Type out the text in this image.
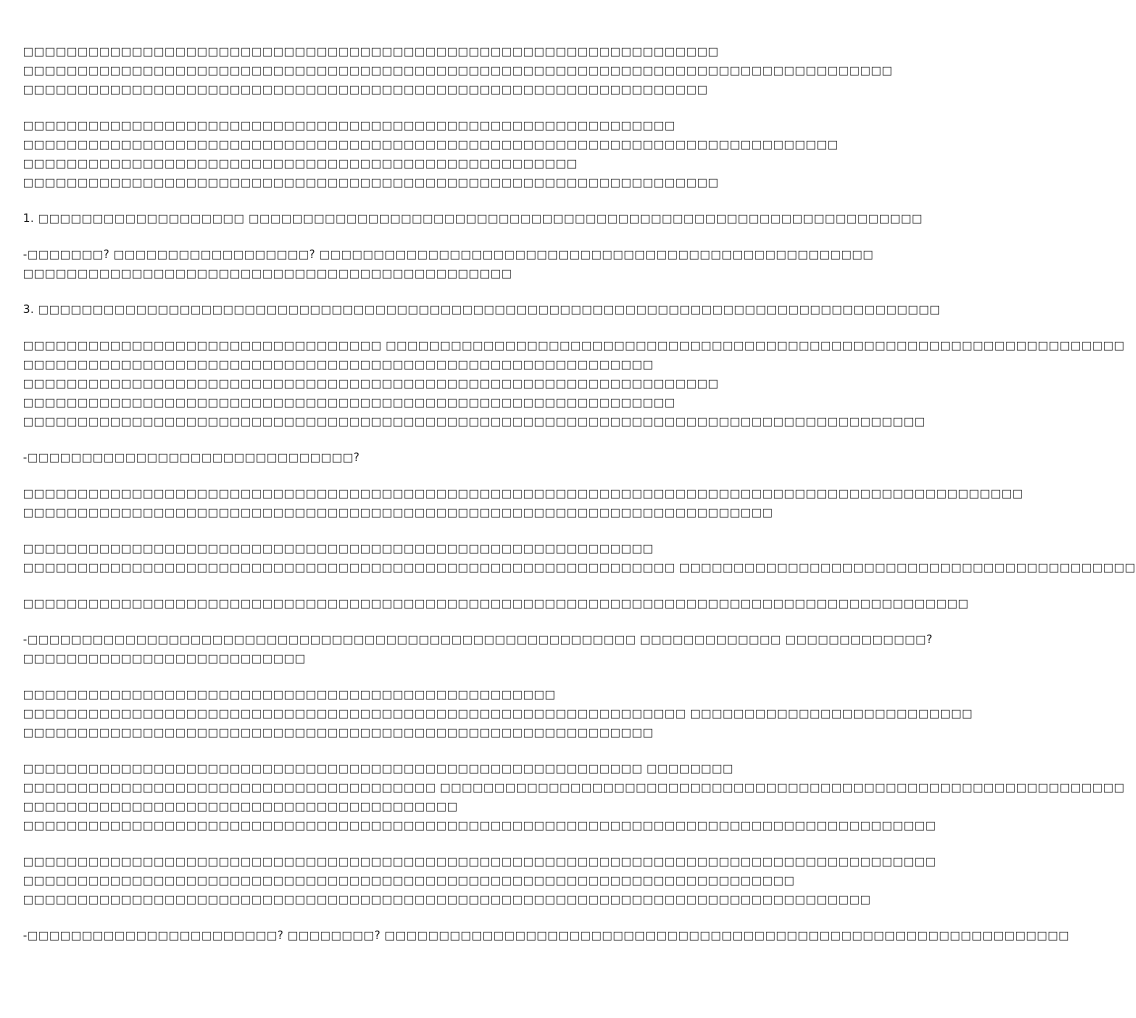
□□□□□□□□□□□□□□□□□□□□□□□□□□□□□□□□□□□□□□□□□□□□□□□□□□□□□□□□□□□□□□□□
□□□□□□□□□□□□□□□□□□□□□□□□□□□□□□□□□□□□□□□□□□□□□□□□□□□□□□□□□□□□□□□□□□□□□□□□□□□□□□□□
□□□□□□□□□□□□□□□□□□□□□□□□□□□□□□□□□□□□□□□□□□□□□□□□□□□□□□□□□□□□□□□
□□□□□□□□□□□□□□□□□□□□□□□□□□□□□□□□□□□□□□□□□□□□□□□□□□□□□□□□□□□□
□□□□□□□□□□□□□□□□□□□□□□□□□□□□□□□□□□□□□□□□□□□□□□□□□□□□□□□□□□□□□□□□□□□□□□□□□□□
□□□□□□□□□□□□□□□□□□□□□□□□□□□□□□□□□□□□□□□□□□□□□□□□□□□
□□□□□□□□□□□□□□□□□□□□□□□□□□□□□□□□□□□□□□□□□□□□□□□□□□□□□□□□□□□□□□□□
1. □□□□□□□□□□□□□□□□□□□ □□□□□□□□□□□□□□□□□□□□□□□□□□□□□□□□□□□□□□□□□□□□□□□□□□□□□□□□□□□□□□
-□□□□□□□? □□□□□□□□□□□□□□□□□□? □□□□□□□□□□□□□□□□□□□□□□□□□□□□□□□□□□□□□□□□□□□□□□□□□□□
□□□□□□□□□□□□□□□□□□□□□□□□□□□□□□□□□□□□□□□□□□□□□
3. □□□□□□□□□□□□□□□□□□□□□□□□□□□□□□□□□□□□□□□□□□□□□□□□□□□□□□□□□□□□□□□□□□□□□□□□□□□□□□□□□□□
□□□□□□□□□□□□□□□□□□□□□□□□□□□□□□□□□ □□□□□□□□□□□□□□□□□□□□□□□□□□□□□□□□□□□□□□□□□□□□□□□□□□□□□□□□□□□□□□□□□□□□
□□□□□□□□□□□□□□□□□□□□□□□□□□□□□□□□□□□□□□□□□□□□□□□□□□□□□□□□□□
□□□□□□□□□□□□□□□□□□□□□□□□□□□□□□□□□□□□□□□□□□□□□□□□□□□□□□□□□□□□□□□□
□□□□□□□□□□□□□□□□□□□□□□□□□□□□□□□□□□□□□□□□□□□□□□□□□□□□□□□□□□□□
□□□□□□□□□□□□□□□□□□□□□□□□□□□□□□□□□□□□□□□□□□□□□□□□□□□□□□□□□□□□□□□□□□□□□□□□□□□□□□□□□□□
-□□□□□□□□□□□□□□□□□□□□□□□□□□□□□□?
□□□□□□□□□□□□□□□□□□□□□□□□□□□□□□□□□□□□□□□□□□□□□□□□□□□□□□□□□□□□□□□□□□□□□□□□□□□□□□□□□□□□□□□□□□□□
□□□□□□□□□□□□□□□□□□□□□□□□□□□□□□□□□□□□□□□□□□□□□□□□□□□□□□□□□□□□□□□□□□□□□
□□□□□□□□□□□□□□□□□□□□□□□□□□□□□□□□□□□□□□□□□□□□□□□□□□□□□□□□□□
□□□□□□□□□□□□□□□□□□□□□□□□□□□□□□□□□□□□□□□□□□□□□□□□□□□□□□□□□□□□ □□□□□□□□□□□□□□□□□□□□□□□□□□□□□□□□□□□□□□□□□□
□□□□□□□□□□□□□□□□□□□□□□□□□□□□□□□□□□□□□□□□□□□□□□□□□□□□□□□□□□□□□□□□□□□□□□□□□□□□□□□□□□□□□□□
-□□□□□□□□□□□□□□□□□□□□□□□□□□□□□□□□□□□□□□□□□□□□□□□□□□□□□□□□ □□□□□□□□□□□□□ □□□□□□□□□□□□□?
□□□□□□□□□□□□□□□□□□□□□□□□□□
□□□□□□□□□□□□□□□□□□□□□□□□□□□□□□□□□□□□□□□□□□□□□□□□□
□□□□□□□□□□□□□□□□□□□□□□□□□□□□□□□□□□□□□□□□□□□□□□□□□□□□□□□□□□□□□ □□□□□□□□□□□□□□□□□□□□□□□□□□
□□□□□□□□□□□□□□□□□□□□□□□□□□□□□□□□□□□□□□□□□□□□□□□□□□□□□□□□□□
□□□□□□□□□□□□□□□□□□□□□□□□□□□□□□□□□□□□□□□□□□□□□□□□□□□□□□□□□ □□□□□□□□
□□□□□□□□□□□□□□□□□□□□□□□□□□□□□□□□□□□□□□ □□□□□□□□□□□□□□□□□□□□□□□□□□□□□□□□□□□□□□□□□□□□□□□□□□□□□□□□□□□□□□□
□□□□□□□□□□□□□□□□□□□□□□□□□□□□□□□□□□□□□□□□
□□□□□□□□□□□□□□□□□□□□□□□□□□□□□□□□□□□□□□□□□□□□□□□□□□□□□□□□□□□□□□□□□□□□□□□□□□□□□□□□□□□□
□□□□□□□□□□□□□□□□□□□□□□□□□□□□□□□□□□□□□□□□□□□□□□□□□□□□□□□□□□□□□□□□□□□□□□□□□□□□□□□□□□□□
□□□□□□□□□□□□□□□□□□□□□□□□□□□□□□□□□□□□□□□□□□□□□□□□□□□□□□□□□□□□□□□□□□□□□□□
□□□□□□□□□□□□□□□□□□□□□□□□□□□□□□□□□□□□□□□□□□□□□□□□□□□□□□□□□□□□□□□□□□□□□□□□□□□□□□
-□□□□□□□□□□□□□□□□□□□□□□□? □□□□□□□□? □□□□□□□□□□□□□□□□□□□□□□□□□□□□□□□□□□□□□□□□□□□□□□□□□□□□□□□□□□□□□□□
